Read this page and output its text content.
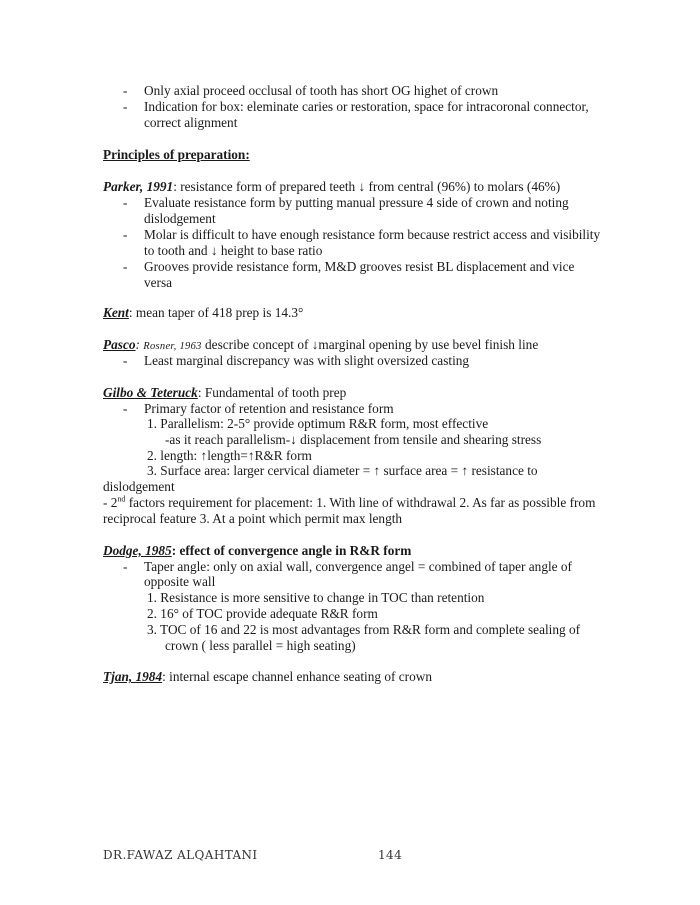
- Only axial proceed occlusal of tooth has short OG highet of crown
- Indication for box: eleminate caries or restoration, space for intracoronal connector,
correct alignment
Principles of preparation:
Parker, 1991: resistance form of prepared teeth ↓ from central (96%) to molars (46%)
- Evaluate resistance form by putting manual pressure 4 side of crown and noting
dislodgement
- Molar is difficult to have enough resistance form because restrict access and visibility
to tooth and ↓ height to base ratio
- Grooves provide resistance form, M&D grooves resist BL displacement and vice
versa
Kent: mean taper of 418 prep is 14.3°
Pasco: Rosner, 1963 describe concept of ↓marginal opening by use bevel finish line
- Least marginal discrepancy was with slight oversized casting
Gilbo & Teteruck: Fundamental of tooth prep
- Primary factor of retention and resistance form
1. Parallelism: 2-5° provide optimum R&R form, most effective
-as it reach parallelism-↓ displacement from tensile and shearing stress
2. length: ↑length=↑R&R form
3. Surface area: larger cervical diameter = ↑ surface area = ↑ resistance to
dislodgement
- 2nd factors requirement for placement: 1. With line of withdrawal 2. As far as possible from
reciprocal feature 3. At a point which permit max length
Dodge, 1985: effect of convergence angle in R&R form
- Taper angle: only on axial wall, convergence angel = combined of taper angle of
opposite wall
1. Resistance is more sensitive to change in TOC than retention
2. 16° of TOC provide adequate R&R form
3. TOC of 16 and 22 is most advantages from R&R form and complete sealing of
crown ( less parallel = high seating)
Tjan, 1984: internal escape channel enhance seating of crown
DR.FAWAZ ALQAHTANI	144
